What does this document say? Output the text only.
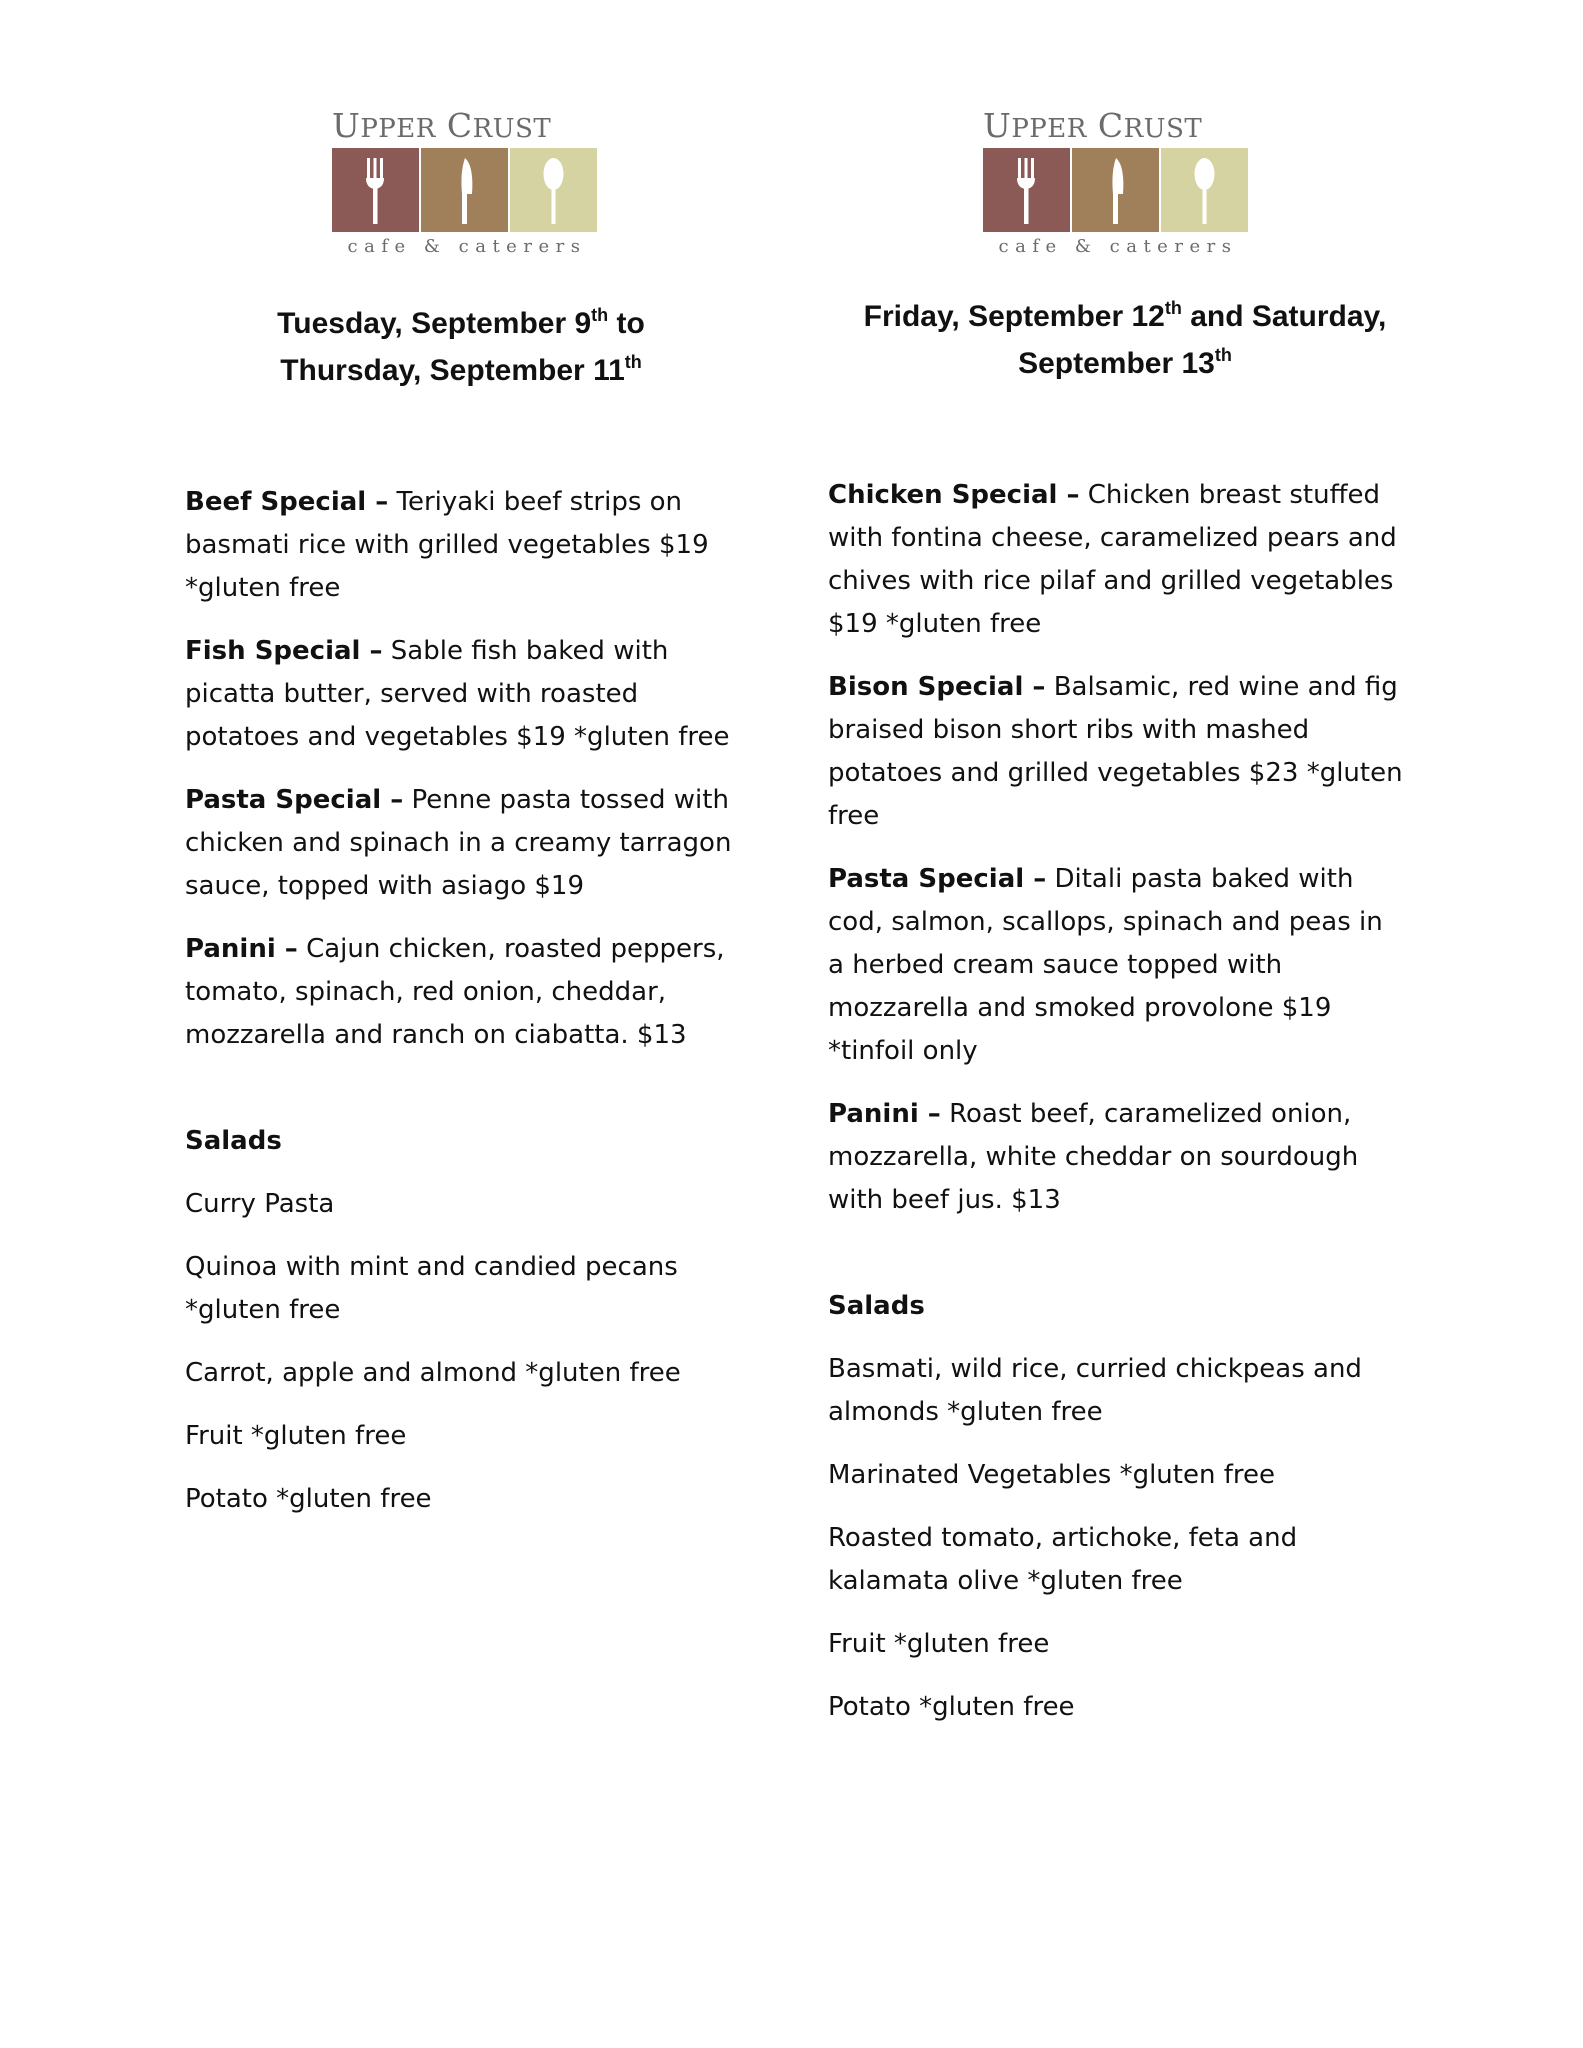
UPPER CRUST
cafe & caterers
Tuesday, September 9th to
Thursday, September 11th

Beef Special – Teriyaki beef strips on basmati rice with grilled vegetables $19 *gluten free

Fish Special – Sable fish baked with picatta butter, served with roasted potatoes and vegetables $19 *gluten free

Pasta Special – Penne pasta tossed with chicken and spinach in a creamy tarragon sauce, topped with asiago $19

Panini – Cajun chicken, roasted peppers, tomato, spinach, red onion, cheddar, mozzarella and ranch on ciabatta. $13

Salads

Curry Pasta

Quinoa with mint and candied pecans *gluten free

Carrot, apple and almond *gluten free

Fruit *gluten free

Potato *gluten free

UPPER CRUST
cafe & caterers
Friday, September 12th and Saturday,
September 13th

Chicken Special – Chicken breast stuffed with fontina cheese, caramelized pears and chives with rice pilaf and grilled vegetables $19 *gluten free

Bison Special – Balsamic, red wine and fig braised bison short ribs with mashed potatoes and grilled vegetables $23 *gluten free

Pasta Special – Ditali pasta baked with cod, salmon, scallops, spinach and peas in a herbed cream sauce topped with mozzarella and smoked provolone $19 *tinfoil only

Panini – Roast beef, caramelized onion, mozzarella, white cheddar on sourdough with beef jus. $13

Salads

Basmati, wild rice, curried chickpeas and almonds *gluten free

Marinated Vegetables *gluten free

Roasted tomato, artichoke, feta and kalamata olive *gluten free

Fruit *gluten free

Potato *gluten free
